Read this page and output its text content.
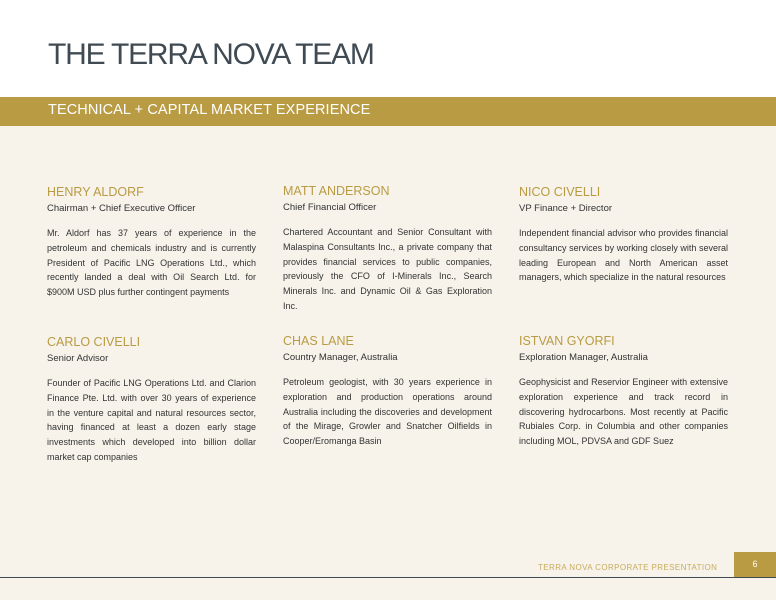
THE TERRA NOVA TEAM
TECHNICAL + CAPITAL MARKET EXPERIENCE
HENRY ALDORF
Chairman + Chief Executive Officer
Mr. Aldorf has 37 years of experience in the petroleum and chemicals industry and is currently President of Pacific LNG Operations Ltd., which recently landed a deal with Oil Search Ltd. for $900M USD plus further contingent payments
MATT ANDERSON
Chief Financial Officer
Chartered Accountant and Senior Consultant with Malaspina Consultants Inc., a private company that provides financial services to public companies, previously the CFO of I-Minerals Inc., Search Minerals Inc. and Dynamic Oil & Gas Exploration Inc.
NICO CIVELLI
VP Finance + Director
Independent financial advisor who provides financial consultancy services by working closely with several leading European and North American asset managers, which specialize in the natural resources
CARLO CIVELLI
Senior Advisor
Founder of Pacific LNG Operations Ltd. and Clarion Finance Pte. Ltd. with over 30 years of experience in the venture capital and natural resources sector, having financed at least a dozen early stage investments which developed into billion dollar market cap companies
CHAS LANE
Country Manager, Australia
Petroleum geologist, with 30 years experience in exploration and production operations around Australia including the discoveries and development of the Mirage, Growler and Snatcher Oilfields in Cooper/Eromanga Basin
ISTVAN GYORFI
Exploration Manager, Australia
Geophysicist and Reservior Engineer with extensive exploration experience and track record in discovering hydrocarbons. Most recently at Pacific Rubiales Corp. in Columbia and other companies including MOL, PDVSA and GDF Suez
TERRA NOVA CORPORATE PRESENTATION	6
